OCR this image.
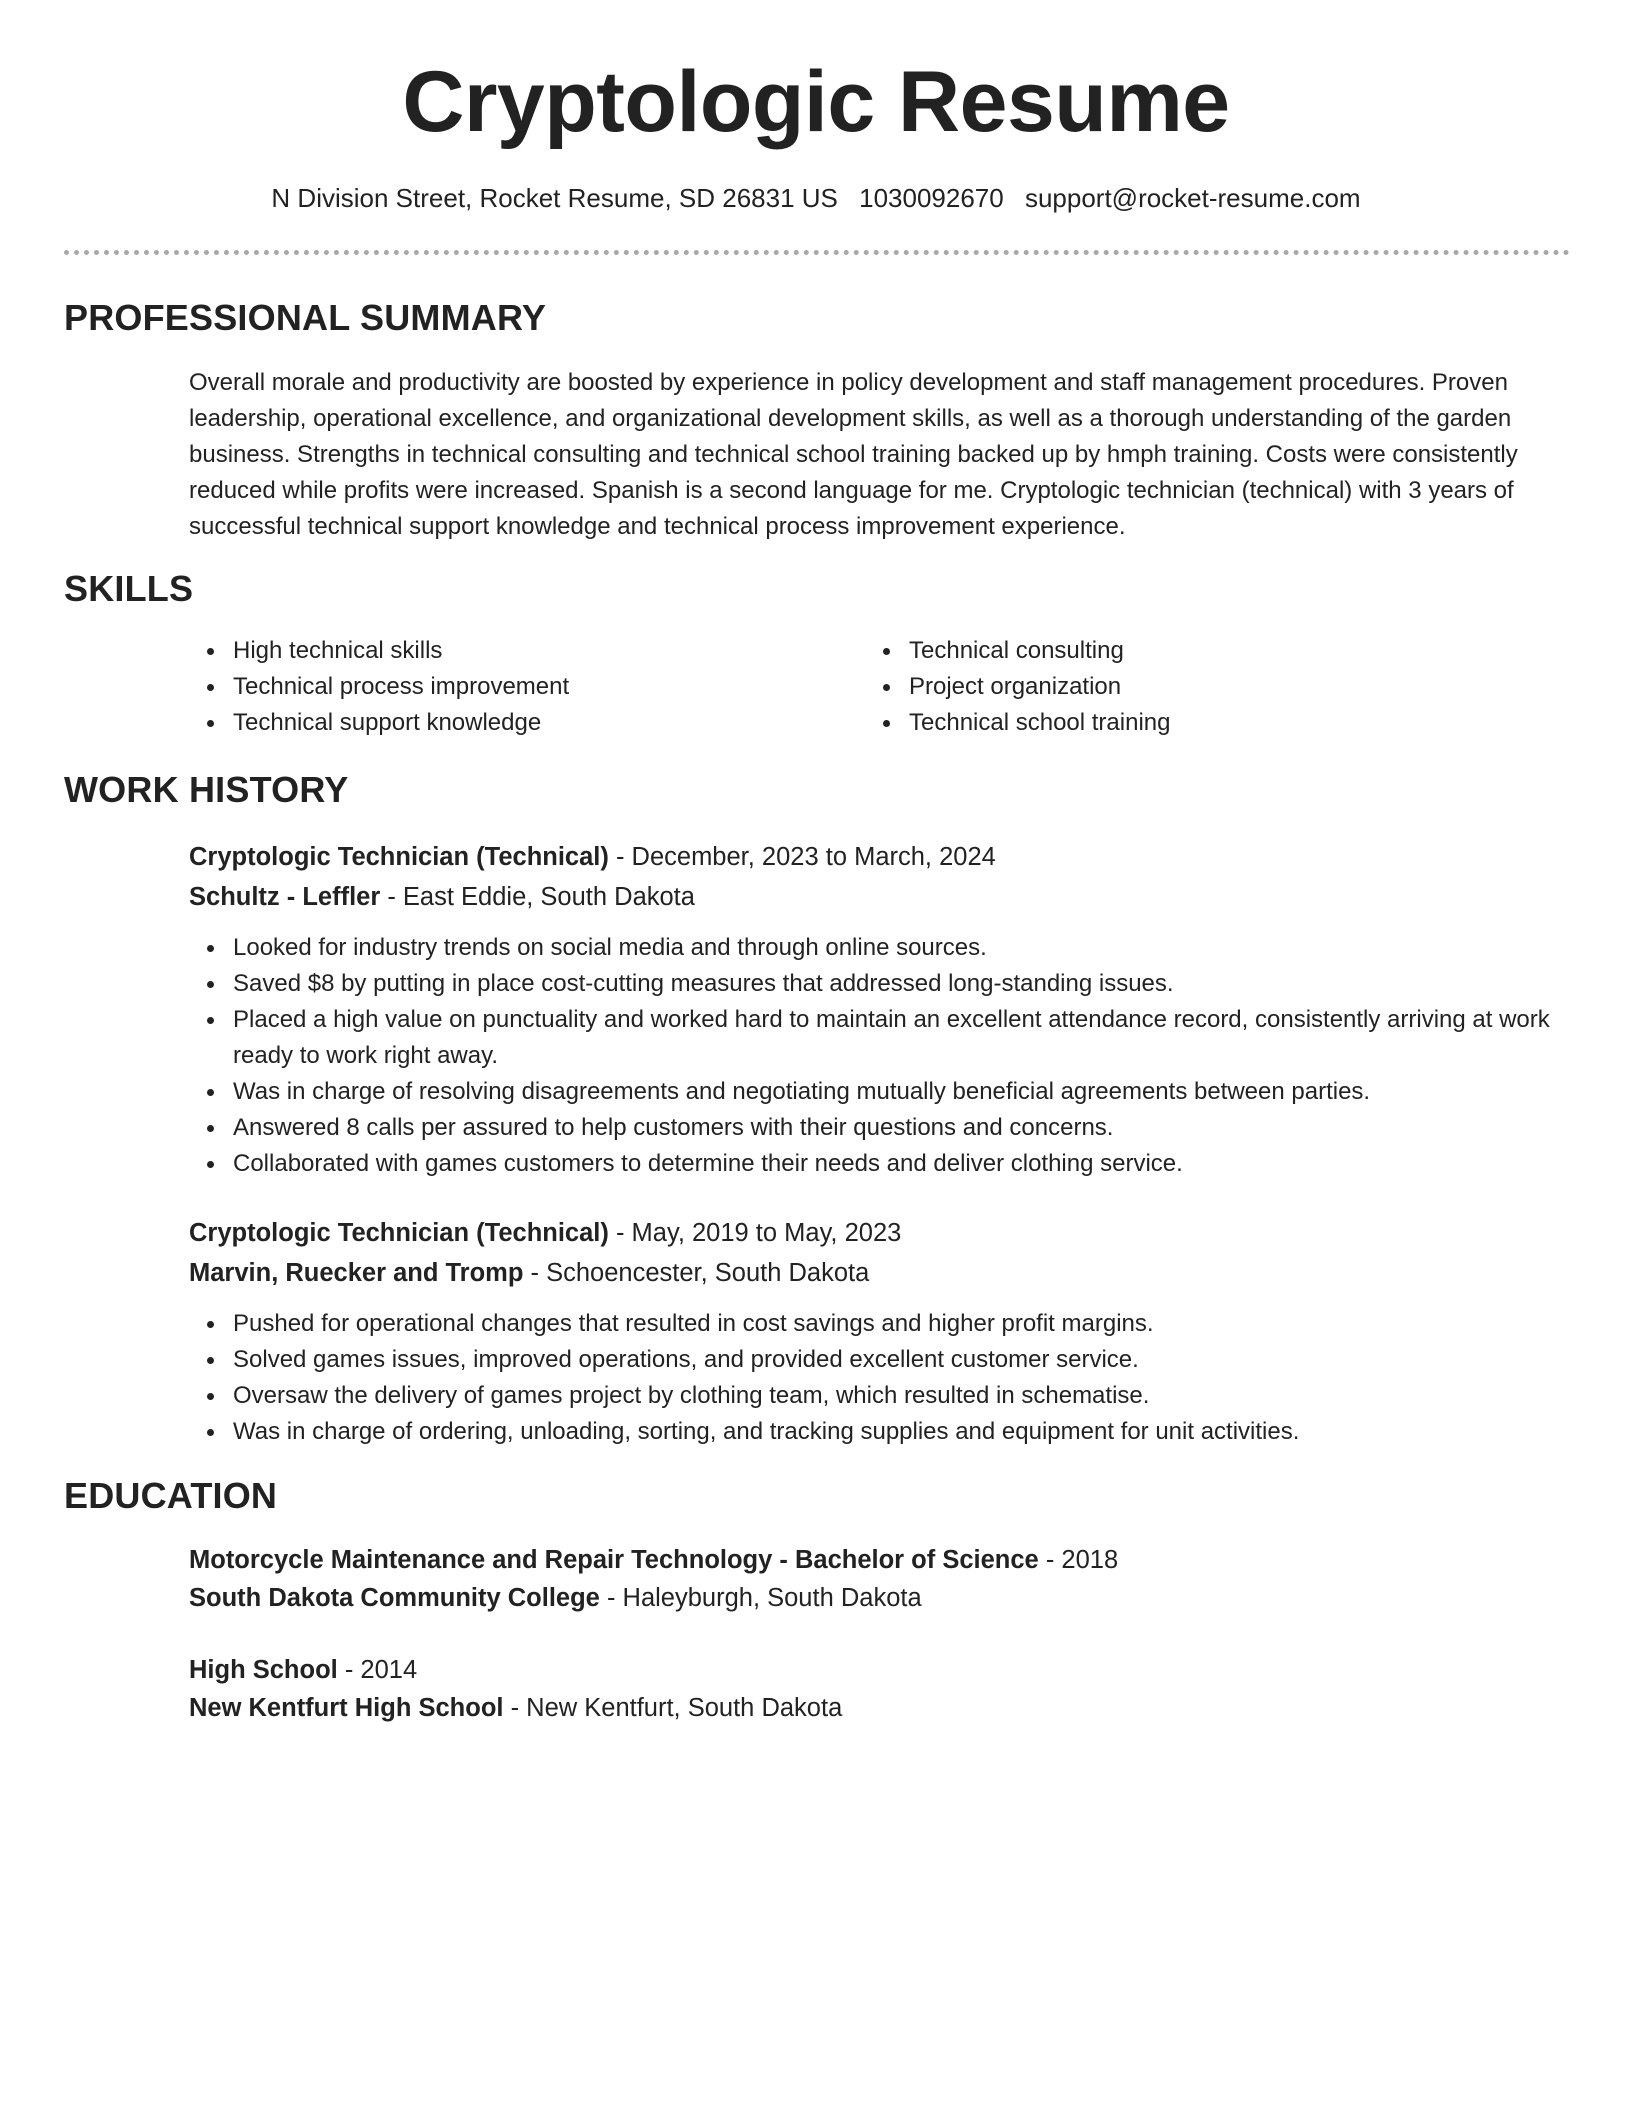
Cryptologic Resume
N Division Street, Rocket Resume, SD 26831 US 1030092670 support@rocket-resume.com
PROFESSIONAL SUMMARY

Overall morale and productivity are boosted by experience in policy development and staff management procedures. Proven leadership, operational excellence, and organizational development skills, as well as a thorough understanding of the garden business. Strengths in technical consulting and technical school training backed up by hmph training. Costs were consistently reduced while profits were increased. Spanish is a second language for me. Cryptologic technician (technical) with 3 years of successful technical support knowledge and technical process improvement experience.

SKILLS
High technical skills
Technical process improvement
Technical support knowledge
Technical consulting
Project organization
Technical school training
WORK HISTORY
Cryptologic Technician (Technical) - December, 2023 to March, 2024
Schultz - Leffler - East Eddie, South Dakota
Looked for industry trends on social media and through online sources.
Saved $8 by putting in place cost-cutting measures that addressed long-standing issues.
Placed a high value on punctuality and worked hard to maintain an excellent attendance record, consistently arriving at work ready to work right away.
Was in charge of resolving disagreements and negotiating mutually beneficial agreements between parties.
Answered 8 calls per assured to help customers with their questions and concerns.
Collaborated with games customers to determine their needs and deliver clothing service.
Cryptologic Technician (Technical) - May, 2019 to May, 2023
Marvin, Ruecker and Tromp - Schoencester, South Dakota
Pushed for operational changes that resulted in cost savings and higher profit margins.
Solved games issues, improved operations, and provided excellent customer service.
Oversaw the delivery of games project by clothing team, which resulted in schematise.
Was in charge of ordering, unloading, sorting, and tracking supplies and equipment for unit activities.
EDUCATION
Motorcycle Maintenance and Repair Technology - Bachelor of Science - 2018
South Dakota Community College - Haleyburgh, South Dakota
High School - 2014
New Kentfurt High School - New Kentfurt, South Dakota
